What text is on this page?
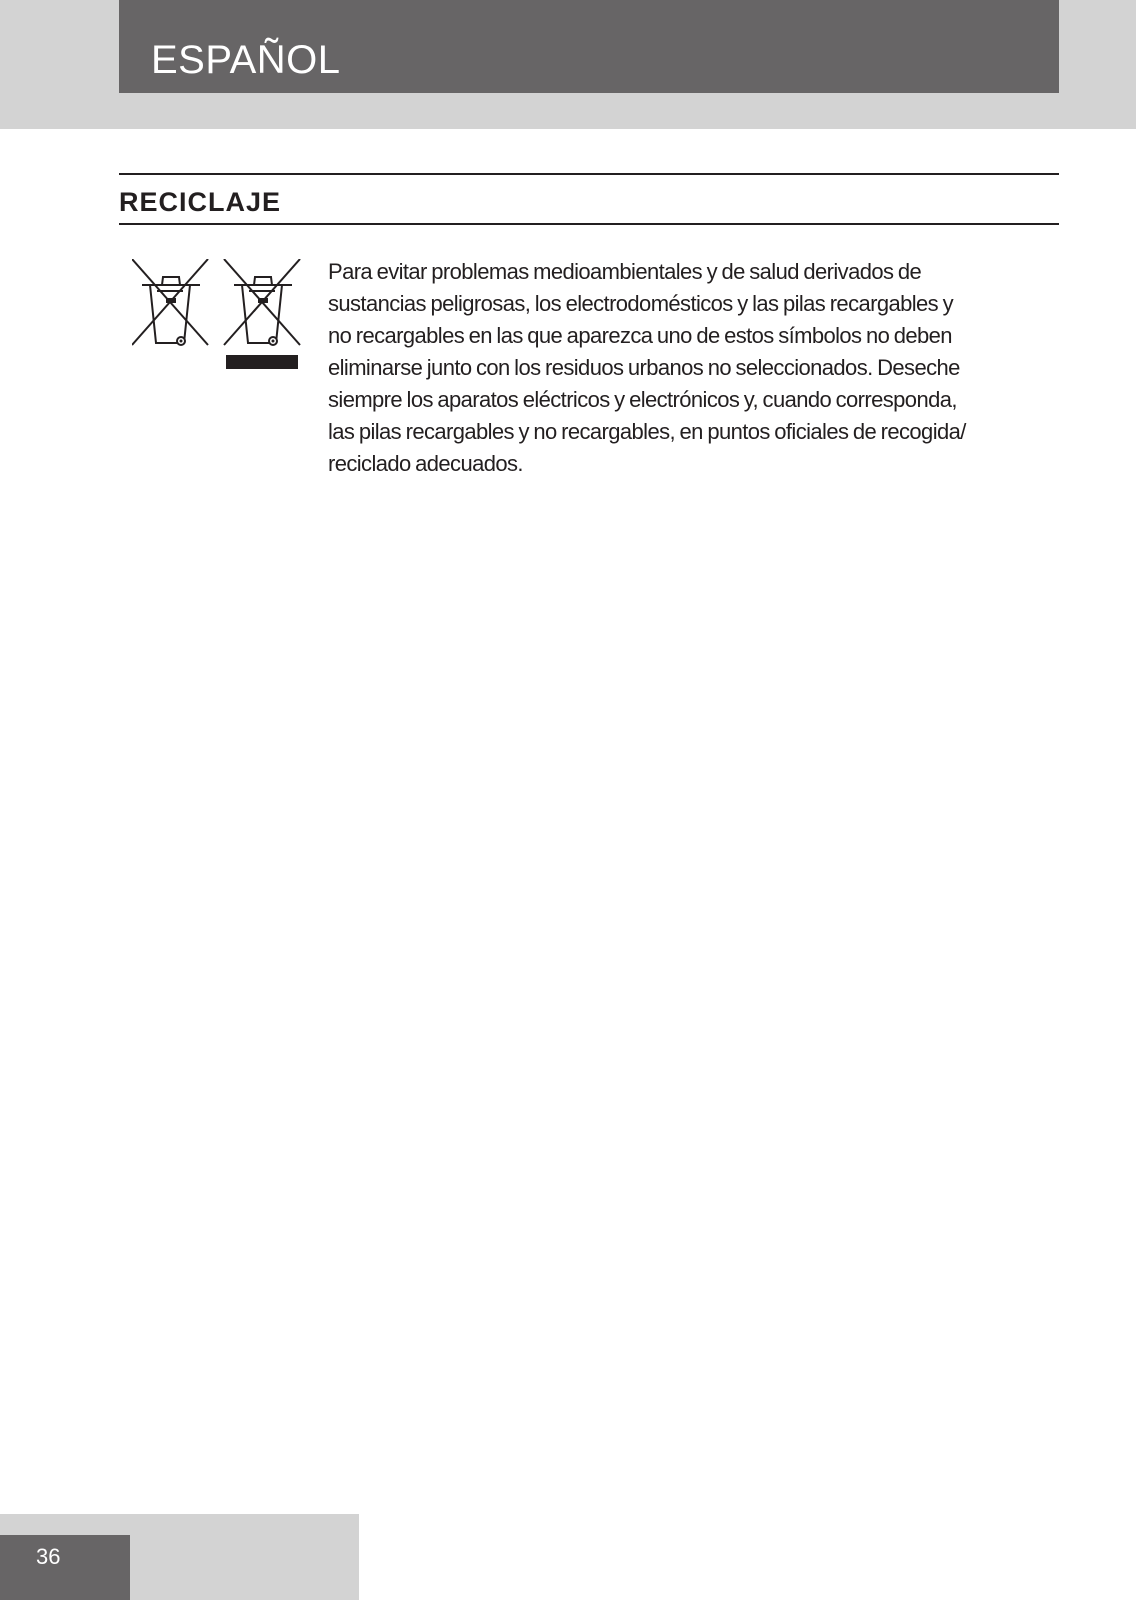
ESPAÑOL
RECICLAJE
Para evitar problemas medioambientales y de salud derivados de
sustancias peligrosas, los electrodomésticos y las pilas recargables y
no recargables en las que aparezca uno de estos símbolos no deben
eliminarse junto con los residuos urbanos no seleccionados. Deseche
siempre los aparatos eléctricos y electrónicos y, cuando corresponda,
las pilas recargables y no recargables, en puntos oficiales de recogida/
reciclado adecuados.
36
